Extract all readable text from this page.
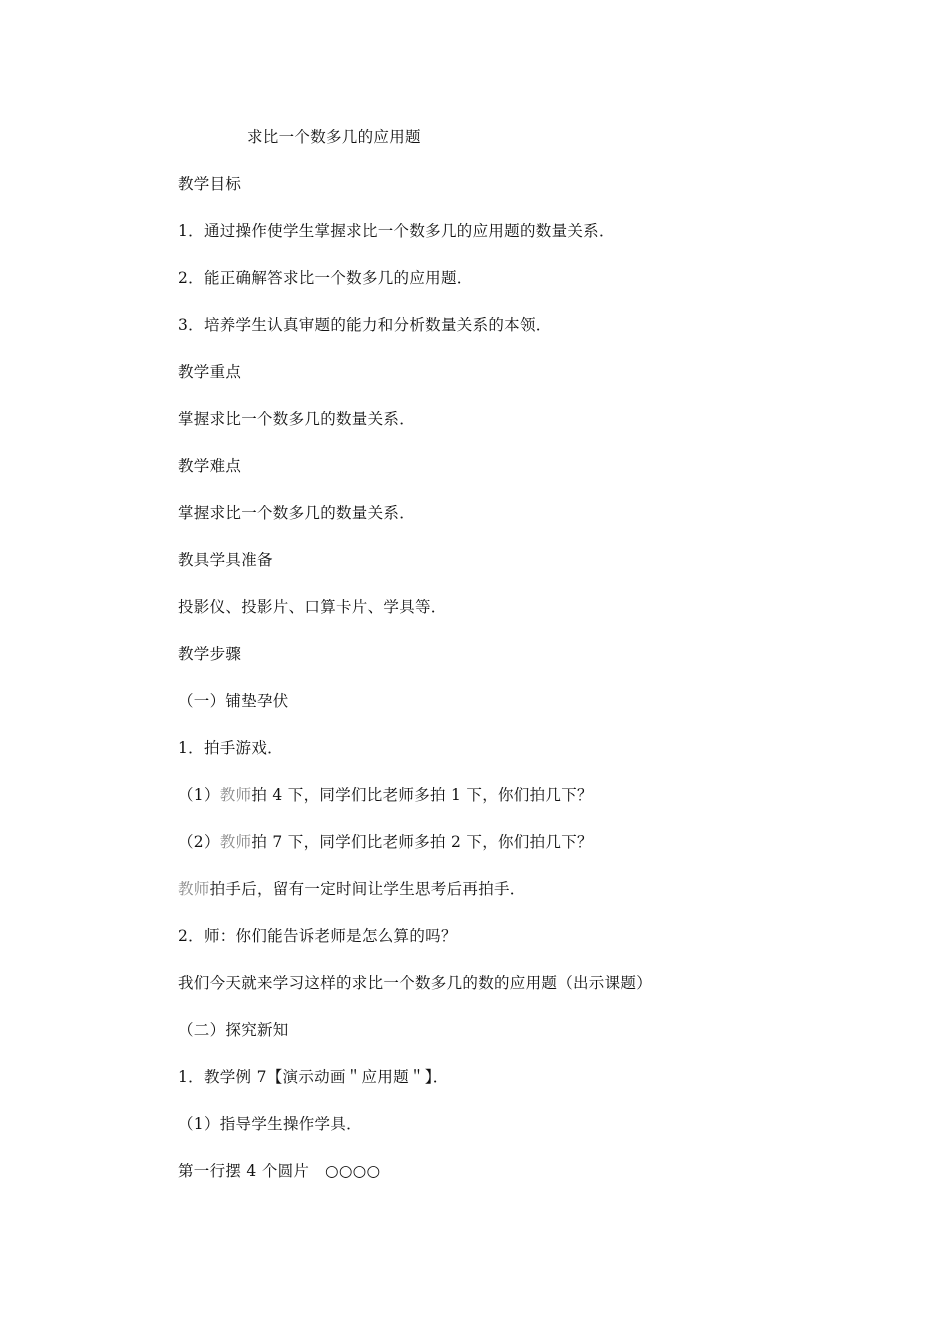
求比一个数多几的应用题
教学目标
1．通过操作使学生掌握求比一个数多几的应用题的数量关系．
2．能正确解答求比一个数多几的应用题．
3．培养学生认真审题的能力和分析数量关系的本领．
教学重点
掌握求比一个数多几的数量关系．
教学难点
掌握求比一个数多几的数量关系．
教具学具准备
投影仪、投影片、口算卡片、学具等．
教学步骤
（一）铺垫孕伏
1．拍手游戏．
（1）教师拍 4 下，同学们比老师多拍 1 下，你们拍几下？
（2）教师拍 7 下，同学们比老师多拍 2 下，你们拍几下？
教师拍手后，留有一定时间让学生思考后再拍手．
2．师：你们能告诉老师是怎么算的吗？
我们今天就来学习这样的求比一个数多几的数的应用题（出示课题）
（二）探究新知
1．教学例 7【演示动画＂应用题＂】．
（1）指导学生操作学具．
第一行摆 4 个圆片　○○○○
